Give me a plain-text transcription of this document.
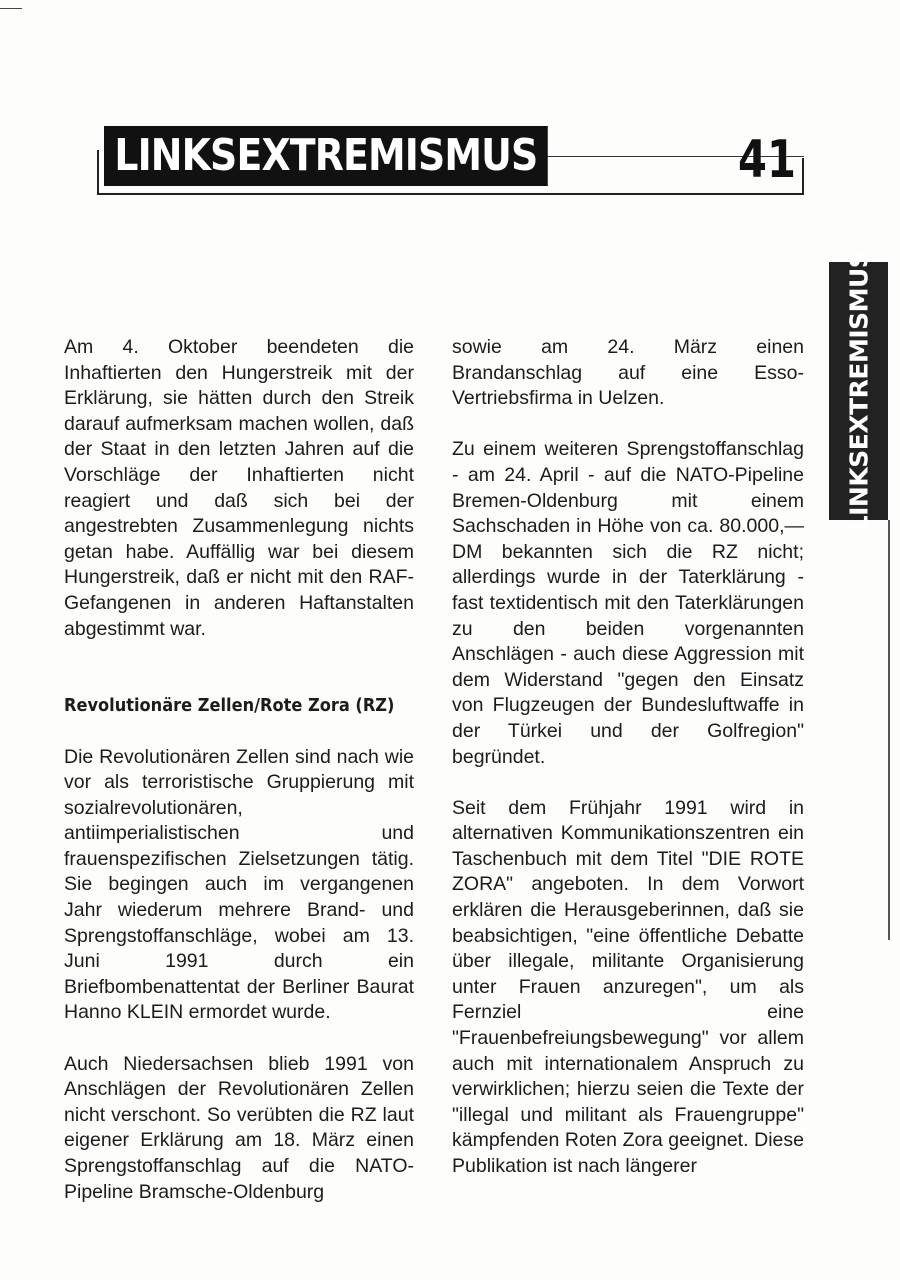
LINKSEXTREMISMUS	41
LINKSEXTREMISMUS

Am 4. Oktober beendeten die Inhaftierten den Hungerstreik mit der Erklärung, sie hätten durch den Streik darauf aufmerksam machen wollen, daß der Staat in den letzten Jahren auf die Vorschläge der Inhaftierten nicht reagiert und daß sich bei der angestrebten Zusammenlegung nichts getan habe. Auffällig war bei diesem Hungerstreik, daß er nicht mit den RAF-Gefangenen in anderen Haftanstalten abgestimmt war.

Revolutionäre Zellen/Rote Zora (RZ)

Die Revolutionären Zellen sind nach wie vor als terroristische Gruppierung mit sozialrevolutionären, antiimperialistischen und frauenspezifischen Zielsetzungen tätig. Sie begingen auch im vergangenen Jahr wiederum mehrere Brand- und Sprengstoffanschläge, wobei am 13. Juni 1991 durch ein Briefbombenattentat der Berliner Baurat Hanno KLEIN ermordet wurde.

Auch Niedersachsen blieb 1991 von Anschlägen der Revolutionären Zellen nicht verschont. So verübten die RZ laut eigener Erklärung am 18. März einen Sprengstoffanschlag auf die NATO-Pipeline Bramsche-Oldenburg

sowie am 24. März einen Brandanschlag auf eine Esso-Vertriebsfirma in Uelzen.

Zu einem weiteren Sprengstoffanschlag - am 24. April - auf die NATO-Pipeline Bremen-Oldenburg mit einem Sachschaden in Höhe von ca. 80.000,— DM bekannten sich die RZ nicht; allerdings wurde in der Taterklärung - fast textidentisch mit den Taterklärungen zu den beiden vorgenannten Anschlägen - auch diese Aggression mit dem Widerstand "gegen den Einsatz von Flugzeugen der Bundesluftwaffe in der Türkei und der Golfregion" begründet.

Seit dem Frühjahr 1991 wird in alternativen Kommunikationszentren ein Taschenbuch mit dem Titel "DIE ROTE ZORA" angeboten. In dem Vorwort erklären die Herausgeberinnen, daß sie beabsichtigen, "eine öffentliche Debatte über illegale, militante Organisierung unter Frauen anzuregen", um als Fernziel eine "Frauenbefreiungsbewegung" vor allem auch mit internationalem Anspruch zu verwirklichen; hierzu seien die Texte der "illegal und militant als Frauengruppe" kämpfenden Roten Zora geeignet. Diese Publikation ist nach längerer
